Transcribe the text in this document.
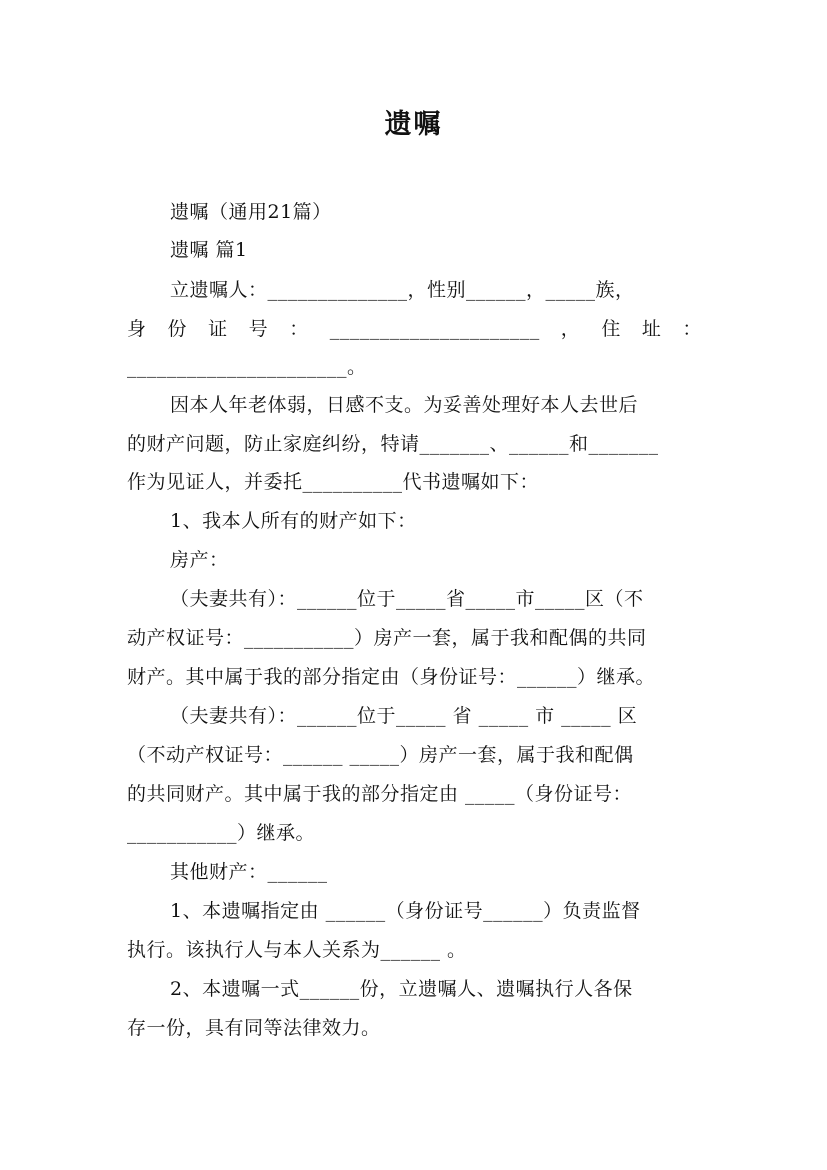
遗嘱
遗嘱（通用21篇）
遗嘱 篇1
立遗嘱人：______________，性别______，_____族，
身 份 证 号 ： _____________________ ， 住 址 ：
______________________。
因本人年老体弱，日感不支。为妥善处理好本人去世后
的财产问题，防止家庭纠纷，特请_______、______和_______
作为见证人，并委托__________代书遗嘱如下：
1、我本人所有的财产如下：
房产：
（夫妻共有）：______位于_____省_____市_____区（不
动产权证号：___________）房产一套，属于我和配偶的共同
财产。其中属于我的部分指定由（身份证号：______）继承。
（夫妻共有）：______位于_____ 省 _____ 市 _____ 区
（不动产权证号：______ _____）房产一套，属于我和配偶
的共同财产。其中属于我的部分指定由 _____（身份证号：
___________）继承。
其他财产：______
1、本遗嘱指定由 ______（身份证号______）负责监督
执行。该执行人与本人关系为______ 。
2、本遗嘱一式______份，立遗嘱人、遗嘱执行人各保
存一份，具有同等法律效力。
